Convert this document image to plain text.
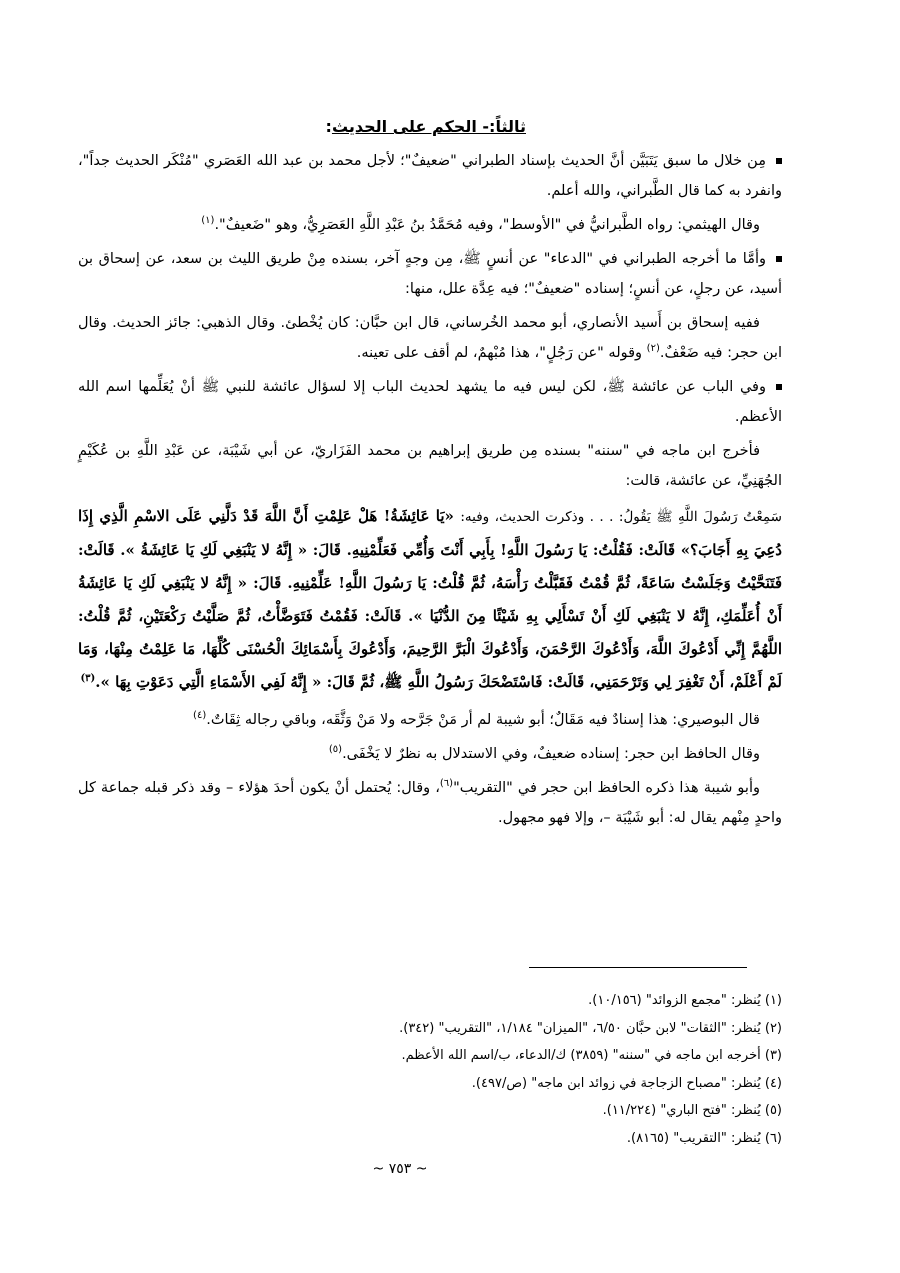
ثالثاً:- الحكم على الحديث:

مِن خلال ما سبق يَتَبَيَّن أنَّ الحديث بإسناد الطبراني "ضعيفٌ"؛ لأجل محمد بن عبد الله العَصَري "مُنْكَر الحديث جداً"، وانفرد به كما قال الطَّبراني، والله أعلم.

وقال الهيثمي: رواه الطَّبرانيُّ في "الأوسط"، وفيه مُحَمَّدُ بنُ عَبْدِ اللَّهِ العَصَرِيُّ، وهو "ضَعيفٌ".$^{(١)}$

وأمَّا ما أخرجه الطبراني في "الدعاء" عن أنسٍ ﷺ، مِن وجهٍ آخر، بسنده مِنْ طريق الليث بن سعد، عن إسحاق بن أسيد، عن رجلٍ، عن أنسٍ؛ إسناده "ضعيفٌ"؛ فيه عِدَّة علل، منها:

ففيه إسحاق بن أَسيد الأنصاري، أبو محمد الخُرساني، قال ابن حبَّان: كان يُخْطئ. وقال الذهبي: جائز الحديث. وقال ابن حجر: فيه ضَعْفٌ.$^{(٢)}$ وقوله "عن رَجُلٍ"، هذا مُبْهمٌ، لم أقف على تعينه.

وفي الباب عن عائشة ﷺ، لكن ليس فيه ما يشهد لحديث الباب إلا لسؤال عائشة للنبي ﷺ أنْ يُعَلِّمها اسم الله الأعظم.

فأخرج ابن ماجه في "سننه" بسنده مِن طريق إبراهيم بن محمد الفَزَاريّ، عن أبي شَيْبَة، عن عَبْدِ اللَّهِ بن عُكَيْمٍ الجُهَنِيِّ، عن عائشة، قالت:

سَمِعْتُ رَسُولَ اللَّهِ ﷺ يَقُولُ: . . . وذكرت الحديث، وفيه: «يَا عَائِشَةُ! هَلْ عَلِمْتِ أَنَّ اللَّهَ قَدْ دَلَّنِي عَلَى الاسْمِ الَّذِي إِذَا دُعِيَ بِهِ أَجَابَ؟» قَالَتْ: فَقُلْتُ: يَا رَسُولَ اللَّهِ! بِأَبِي أَنْتَ وَأُمِّي فَعَلِّمْنِيهِ. قَالَ: « إِنَّهُ لا يَنْبَغِي لَكِ يَا عَائِشَةُ ». قَالَتْ: فَتَنَحَّيْتُ وَجَلَسْتُ سَاعَةً، ثُمَّ قُمْتُ فَقَبَّلْتُ رَأْسَهُ، ثُمَّ قُلْتُ: يَا رَسُولَ اللَّهِ! عَلِّمْنِيهِ. قَالَ: « إِنَّهُ لا يَنْبَغِي لَكِ يَا عَائِشَةُ أَنْ أُعَلِّمَكِ، إِنَّهُ لا يَنْبَغِي لَكِ أَنْ تَسْأَلِي بِهِ شَيْئًا مِنَ الدُّنْيَا ». قَالَتْ: فَقُمْتُ فَتَوَضَّأْتُ، ثُمَّ صَلَّيْتُ رَكْعَتَيْنِ، ثُمَّ قُلْتُ: اللَّهُمَّ إِنِّي أَدْعُوكَ اللَّهَ، وَأَدْعُوكَ الرَّحْمَنَ، وَأَدْعُوكَ الْبَرَّ الرَّحِيمَ، وَأَدْعُوكَ بِأَسْمَائِكَ الْحُسْنَى كُلِّهَا، مَا عَلِمْتُ مِنْهَا، وَمَا لَمْ أَعْلَمْ، أَنْ تَغْفِرَ لِي وَتَرْحَمَنِي، قَالَتْ: فَاسْتَضْحَكَ رَسُولُ اللَّهِ ﷺ، ثُمَّ قَالَ: « إِنَّهُ لَفِي الأَسْمَاءِ الَّتِي دَعَوْتِ بِهَا ».$^{(٣)}$

قال البوصيري: هذا إسنادٌ فيه مَقَالٌ؛ أبو شيبة لم أر مَنْ جَرَّحه ولا مَنْ وَثَّقَه، وباقي رجاله ثِقَاتٌ.$^{(٤)}$

وقال الحافظ ابن حجر: إسناده ضعيفٌ، وفي الاستدلال به نظرٌ لا يَخْفَى.$^{(٥)}$

وأبو شيبة هذا ذكره الحافظ ابن حجر في "التقريب"$^{(٦)}$، وقال: يُحتمل أنْ يكون أحدَ هؤلاء – وقد ذكر قبله جماعة كل واحدٍ مِنْهم يقال له: أبو شَيْبَة –، وإلا فهو مجهول.

(١) يُنظر: "مجمع الزوائد" (١٠/١٥٦).
(٢) يُنظر: "الثقات" لابن حبَّان ٦/٥٠، "الميزان" ١/١٨٤، "التقريب" (٣٤٢).
(٣) أخرجه ابن ماجه في "سننه" (٣٨٥٩) ك/الدعاء، ب/اسم الله الأعظم.
(٤) يُنظر: "مصباح الزجاجة في زوائد ابن ماجه" (ص/٤٩٧).
(٥) يُنظر: "فتح الباري" (١١/٢٢٤).
(٦) يُنظر: "التقريب" (٨١٦٥).
~ ٧٥٣ ~
